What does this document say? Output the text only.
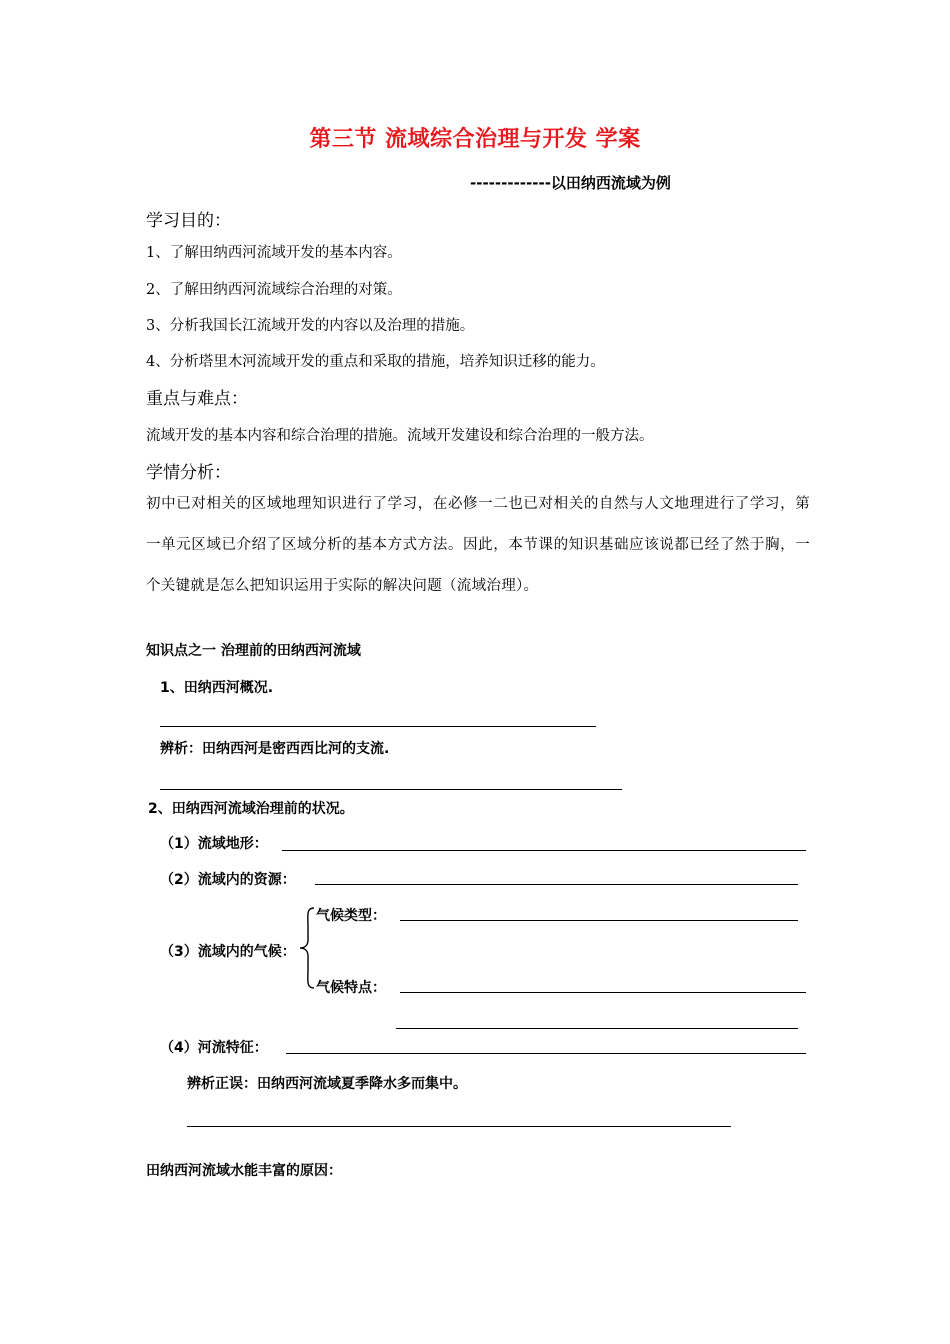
第三节 流域综合治理与开发 学案
-------------以田纳西流域为例
学习目的：
1、了解田纳西河流域开发的基本内容。
2、了解田纳西河流域综合治理的对策。
3、分析我国长江流域开发的内容以及治理的措施。
4、分析塔里木河流域开发的重点和采取的措施，培养知识迁移的能力。
重点与难点：
流域开发的基本内容和综合治理的措施。流域开发建设和综合治理的一般方法。
学情分析：
初中已对相关的区域地理知识进行了学习，在必修一二也已对相关的自然与人文地理进行了学习，第一单元区域已介绍了区域分析的基本方式方法。因此，本节课的知识基础应该说都已经了然于胸，一个关键就是怎么把知识运用于实际的解决问题（流域治理）。
知识点之一 治理前的田纳西河流域
1、田纳西河概况.
辨析：田纳西河是密西西比河的支流.
2、田纳西河流域治理前的状况。
（1）流域地形：
（2）流域内的资源：
气候类型：
（3）流域内的气候：
气候特点：
（4）河流特征：
辨析正误：田纳西河流域夏季降水多而集中。
田纳西河流域水能丰富的原因：
